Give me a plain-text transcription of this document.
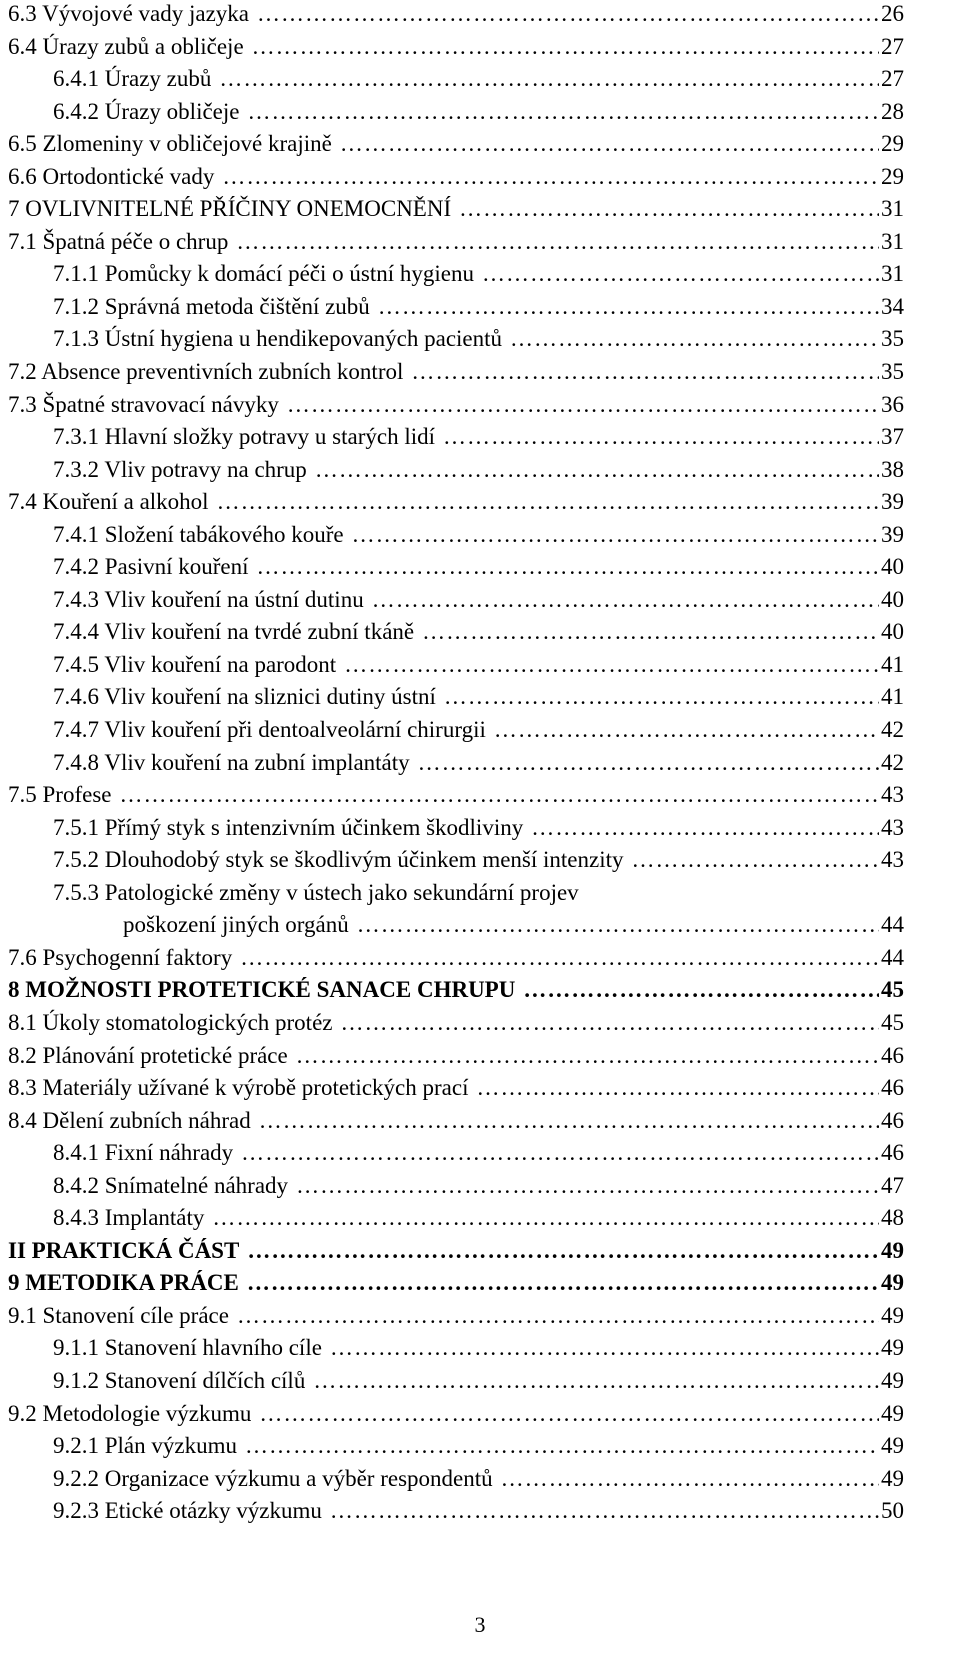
6.3 Vývojové vady jazyka ………………………………………………………………………………………………………………………………………………	26
6.4 Úrazy zubů a obličeje ………………………………………………………………………………………………………………………………………………	27
6.4.1 Úrazy zubů ………………………………………………………………………………………………………………………………………………	27
6.4.2 Úrazy obličeje ………………………………………………………………………………………………………………………………………………	28
6.5 Zlomeniny v obličejové krajině ………………………………………………………………………………………………………………………………………………	29
6.6 Ortodontické vady ………………………………………………………………………………………………………………………………………………	29
7 OVLIVNITELNÉ PŘÍČINY ONEMOCNĚNÍ ………………………………………………………………………………………………………………………………………………	31
7.1 Špatná péče o chrup ………………………………………………………………………………………………………………………………………………	31
7.1.1 Pomůcky k domácí péči o ústní hygienu ………………………………………………………………………………………………………………………………………………	31
7.1.2 Správná metoda čištění zubů ………………………………………………………………………………………………………………………………………………	34
7.1.3 Ústní hygiena u hendikepovaných pacientů ………………………………………………………………………………………………………………………………………………	35
7.2 Absence preventivních zubních kontrol ………………………………………………………………………………………………………………………………………………	35
7.3 Špatné stravovací návyky ………………………………………………………………………………………………………………………………………………	36
7.3.1 Hlavní složky potravy u starých lidí ………………………………………………………………………………………………………………………………………………	37
7.3.2 Vliv potravy na chrup ………………………………………………………………………………………………………………………………………………	38
7.4 Kouření a alkohol ………………………………………………………………………………………………………………………………………………	39
7.4.1 Složení tabákového kouře ………………………………………………………………………………………………………………………………………………	39
7.4.2 Pasivní kouření ………………………………………………………………………………………………………………………………………………	40
7.4.3 Vliv kouření na ústní dutinu ………………………………………………………………………………………………………………………………………………	40
7.4.4 Vliv kouření na tvrdé zubní tkáně ………………………………………………………………………………………………………………………………………………	40
7.4.5 Vliv kouření na parodont ………………………………………………………………………………………………………………………………………………	41
7.4.6 Vliv kouření na sliznici dutiny ústní ………………………………………………………………………………………………………………………………………………	41
7.4.7 Vliv kouření při dentoalveolární chirurgii ………………………………………………………………………………………………………………………………………………	42
7.4.8 Vliv kouření na zubní implantáty ………………………………………………………………………………………………………………………………………………	42
7.5 Profese ………………………………………………………………………………………………………………………………………………	43
7.5.1 Přímý styk s intenzivním účinkem škodliviny ………………………………………………………………………………………………………………………………………………	43
7.5.2 Dlouhodobý styk se škodlivým účinkem menší intenzity ………………………………………………………………………………………………………………………………………………	43
7.5.3 Patologické změny v ústech jako sekundární projev
poškození jiných orgánů ………………………………………………………………………………………………………………………………………………	44
7.6 Psychogenní faktory ………………………………………………………………………………………………………………………………………………	44
8 MOŽNOSTI PROTETICKÉ SANACE CHRUPU ………………………………………………………………………………………………………………………………………………	45
8.1 Úkoly stomatologických protéz ………………………………………………………………………………………………………………………………………………	45
8.2 Plánování protetické práce ………………………………………………………………………………………………………………………………………………	46
8.3 Materiály užívané k výrobě protetických prací ………………………………………………………………………………………………………………………………………………	46
8.4 Dělení zubních náhrad ………………………………………………………………………………………………………………………………………………	46
8.4.1 Fixní náhrady ………………………………………………………………………………………………………………………………………………	46
8.4.2 Snímatelné náhrady ………………………………………………………………………………………………………………………………………………	47
8.4.3 Implantáty ………………………………………………………………………………………………………………………………………………	48
II PRAKTICKÁ ČÁST ………………………………………………………………………………………………………………………………………………	49
9 METODIKA PRÁCE ………………………………………………………………………………………………………………………………………………	49
9.1 Stanovení cíle práce ………………………………………………………………………………………………………………………………………………	49
9.1.1 Stanovení hlavního cíle ………………………………………………………………………………………………………………………………………………	49
9.1.2 Stanovení dílčích cílů ………………………………………………………………………………………………………………………………………………	49
9.2 Metodologie výzkumu ………………………………………………………………………………………………………………………………………………	49
9.2.1 Plán výzkumu ………………………………………………………………………………………………………………………………………………	49
9.2.2 Organizace výzkumu a výběr respondentů ………………………………………………………………………………………………………………………………………………	49
9.2.3 Etické otázky výzkumu ………………………………………………………………………………………………………………………………………………	50
3
